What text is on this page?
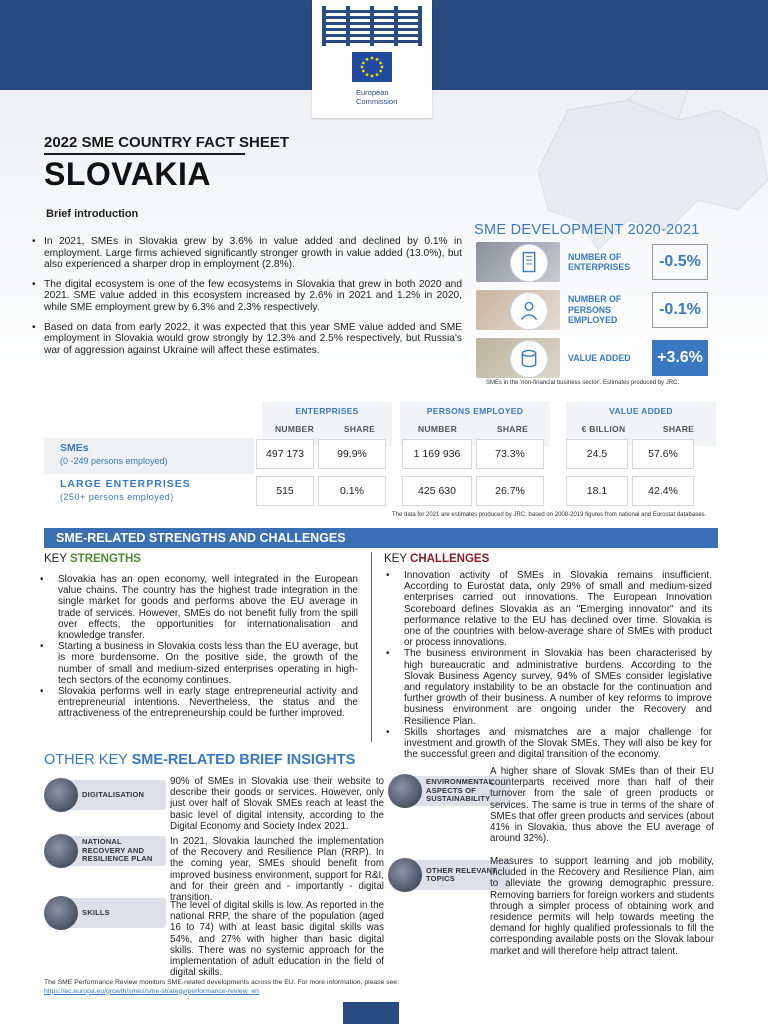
European
Commission
2022 SME COUNTRY FACT SHEET
SLOVAKIA
Brief introduction
• In 2021, SMEs in Slovakia grew by 3.6% in value added and declined by 0.1% in employment. Large firms achieved significantly stronger growth in value added (13.0%), but also experienced a sharper drop in employment (2.8%).
• The digital ecosystem is one of the few ecosystems in Slovakia that grew in both 2020 and 2021. SME value added in this ecosystem increased by 2.6% in 2021 and 1.2% in 2020, while SME employment grew by 6.3% and 2.3% respectively.
• Based on data from early 2022, it was expected that this year SME value added and SME employment in Slovakia would grow strongly by 12.3% and 2.5% respectively, but Russia's war of aggression against Ukraine will affect these estimates.
SME DEVELOPMENT 2020-2021
NUMBER OF ENTERPRISES	-0.5%
NUMBER OF PERSONS EMPLOYED
-0.1%
VALUE ADDED	+3.6%
SMEs in the 'non-financial business sector'. Estimates produced by JRC.
ENTERPRISES
NUMBER	SHARE
PERSONS EMPLOYED
NUMBER	SHARE
VALUE ADDED
€ BILLION	SHARE
SMEs
(0 -249 persons employed)
497 173	99.9%	1 169 936	73.3%	24.5	57.6%
LARGE ENTERPRISES
(250+ persons employed)	515	0.1%	425 630	26.7%	18.1	42.4%
The data for 2021 are estimates produced by JRC, based on 2008-2019 figures from national and Eurostat databases.
SME-RELATED STRENGTHS AND CHALLENGES
KEY STRENGTHS	KEY CHALLENGES
• Slovakia has an open economy, well integrated in the European value chains. The country has the highest trade integration in the single market for goods and performs above the EU average in trade of services. However, SMEs do not benefit fully from the spill over effects, the opportunities for internationalisation and knowledge transfer.
• Starting a business in Slovakia costs less than the EU average, but is more burdensome. On the positive side, the growth of the number of small and medium-sized enterprises operating in high-tech sectors of the economy continues.
• Slovakia performs well in early stage entrepreneurial activity and entrepreneurial intentions. Nevertheless, the status and the attractiveness of the entrepreneurship could be further improved.
• Innovation activity of SMEs in Slovakia remains insufficient. According to Eurostat data, only 29% of small and medium-sized enterprises carried out innovations. The European Innovation Scoreboard defines Slovakia as an "Emerging innovator" and its performance relative to the EU has declined over time. Slovakia is one of the countries with below-average share of SMEs with product or process innovations.
• The business environment in Slovakia has been characterised by high bureaucratic and administrative burdens. According to the Slovak Business Agency survey, 94% of SMEs consider legislative and regulatory instability to be an obstacle for the continuation and further growth of their business. A number of key reforms to improve business environment are ongoing under the Recovery and Resilience Plan.
• Skills shortages and mismatches are a major challenge for investment and growth of the Slovak SMEs. They will also be key for the successful green and digital transition of the economy.
OTHER KEY SME-RELATED BRIEF INSIGHTS
DIGITALISATION
90% of SMEs in Slovakia use their website to describe their goods or services. However, only just over half of Slovak SMEs reach at least the basic level of digital intensity, according to the Digital Economy and Society Index 2021.
NATIONAL RECOVERY AND RESILIENCE PLAN
In 2021, Slovakia launched the implementation of the Recovery and Resilience Plan (RRP). In the coming year, SMEs should benefit from improved business environment, support for R&I, and for their green and - importantly - digital transition.
SKILLS
The level of digital skills is low. As reported in the national RRP, the share of the population (aged 16 to 74) with at least basic digital skills was 54%, and 27% with higher than basic digital skills. There was no systemic approach for the implementation of adult education in the field of digital skills.
ENVIRONMENTAL ASPECTS OF SUSTAINABILITY
A higher share of Slovak SMEs than of their EU counterparts received more than half of their turnover from the sale of green products or services. The same is true in terms of the share of SMEs that offer green products and services (about 41% in Slovakia, thus above the EU average of around 32%).
OTHER RELEVANT TOPICS
Measures to support learning and job mobility, included in the Recovery and Resilience Plan, aim to alleviate the growing demographic pressure. Removing barriers for foreign workers and students through a simpler process of obtaining work and residence permits will help towards meeting the demand for highly qualified professionals to fill the corresponding available posts on the Slovak labour market and will therefore help attract talent.
The SME Performance Review monitors SME-related developments across the EU. For more information, please see: https://ec.europa.eu/growth/smes/sme-strategy/performance-review_en
